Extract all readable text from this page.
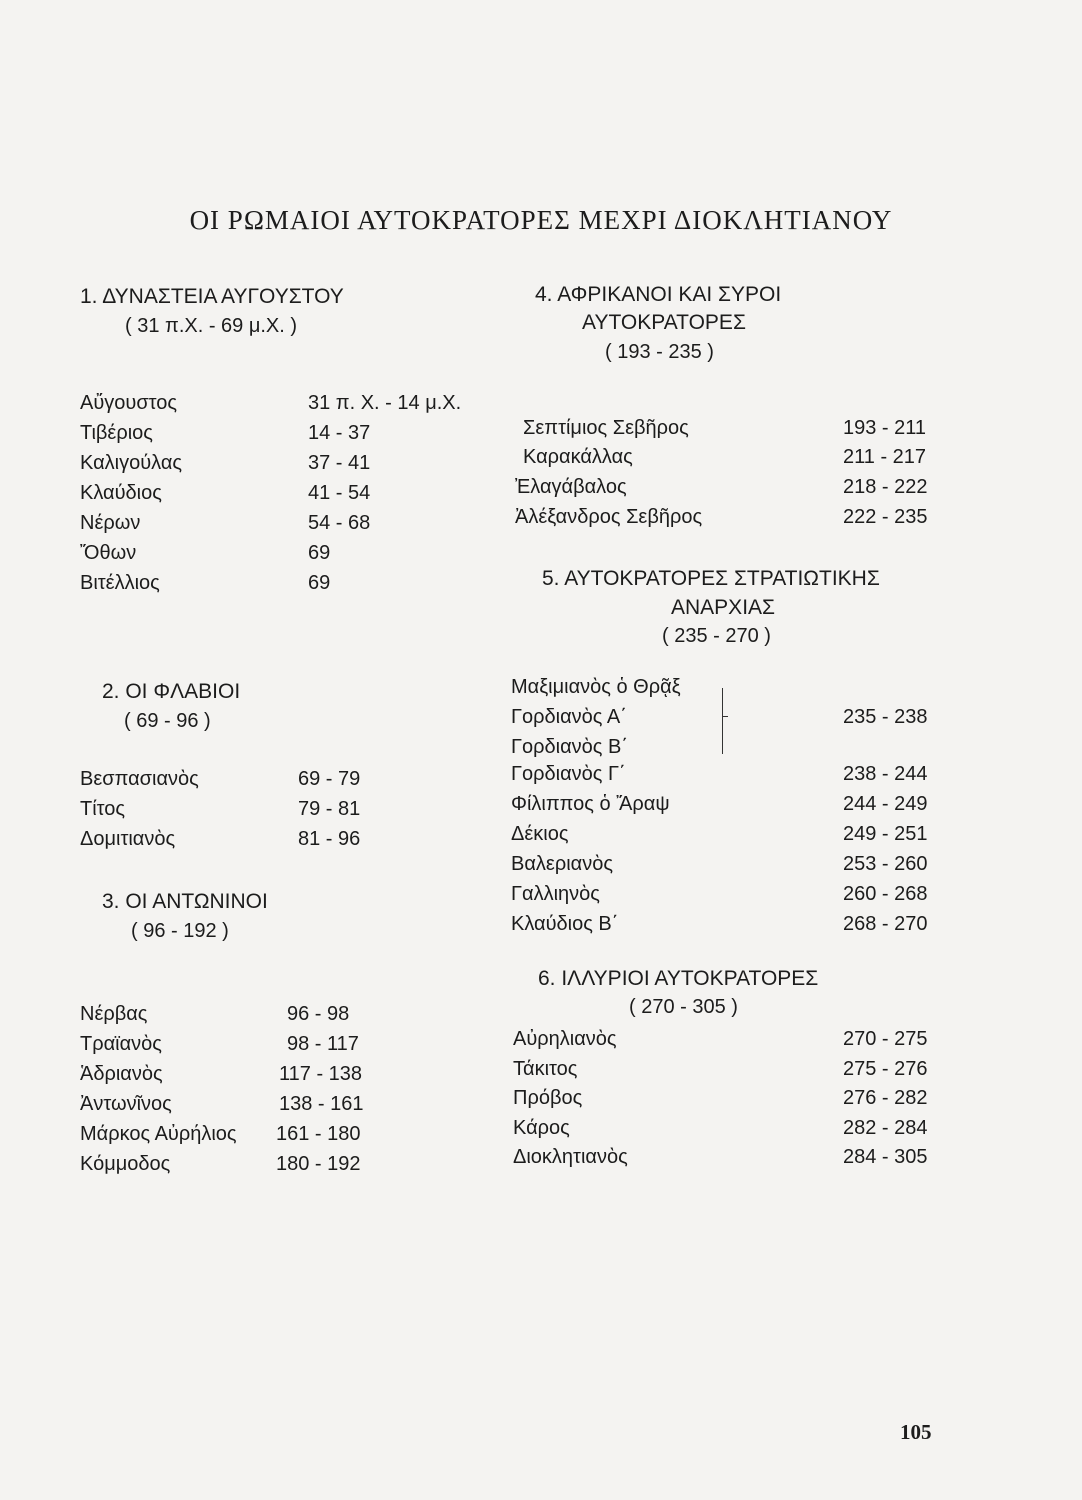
ΟΙ ΡΩΜΑΙΟΙ ΑΥΤΟΚΡΑΤΟΡΕΣ ΜΕΧΡΙ ΔΙΟΚΛΗΤΙΑΝΟΥ
1. ΔΥΝΑΣΤΕΙΑ ΑΥΓΟΥΣΤΟΥ
( 31 π.Χ. - 69 μ.Χ. )
Αὔγουστος	31 π. Χ. - 14 μ.Χ.
Τιβέριος	14 - 37
Καλιγούλας	37 - 41
Κλαύδιος	41 - 54
Νέρων	54 - 68
Ὄθων	69
Βιτέλλιος	69
2. ΟΙ ΦΛΑΒΙΟΙ
( 69 - 96 )
Βεσπασιανὸς	69 - 79
Τίτος	79 - 81
Δομιτιανὸς	81 - 96
3. ΟΙ ΑΝΤΩΝΙΝΟΙ
( 96 - 192 )
Νέρβας	96 - 98
Τραϊανὸς	98 - 117
Ἁδριανὸς	117 - 138
Ἀντωνῖνος	138 - 161
Μάρκος Αὐρήλιος 161 - 180
Κόμμοδος	180 - 192
4. ΑΦΡΙΚΑΝΟΙ ΚΑΙ ΣΥΡΟΙ
ΑΥΤΟΚΡΑΤΟΡΕΣ
( 193 - 235 )
Σεπτίμιος Σεβῆρος	193 - 211
Καρακάλλας	211 - 217
Ἐλαγάβαλος	218 - 222
Ἀλέξανδρος Σεβῆρος	222 - 235
5. ΑΥΤΟΚΡΑΤΟΡΕΣ ΣΤΡΑΤΙΩΤΙΚΗΣ
ΑΝΑΡΧΙΑΣ
( 235 - 270 )
Μαξιμιανὸς ὁ Θρᾷξ
Γορδιανὸς Α΄	235 - 238
Γορδιανὸς Β΄
Γορδιανὸς Γ΄	238 - 244
Φίλιππος ὁ Ἄραψ	244 - 249
Δέκιος	249 - 251
Βαλεριανὸς	253 - 260
Γαλλιηνὸς	260 - 268
Κλαύδιος Β΄	268 - 270
6. ΙΛΛΥΡΙΟΙ ΑΥΤΟΚΡΑΤΟΡΕΣ
( 270 - 305 )
Αὐρηλιανὸς	270 - 275
Τάκιτος	275 - 276
Πρόβος	276 - 282
Κάρος	282 - 284
Διοκλητιανὸς	284 - 305
105
